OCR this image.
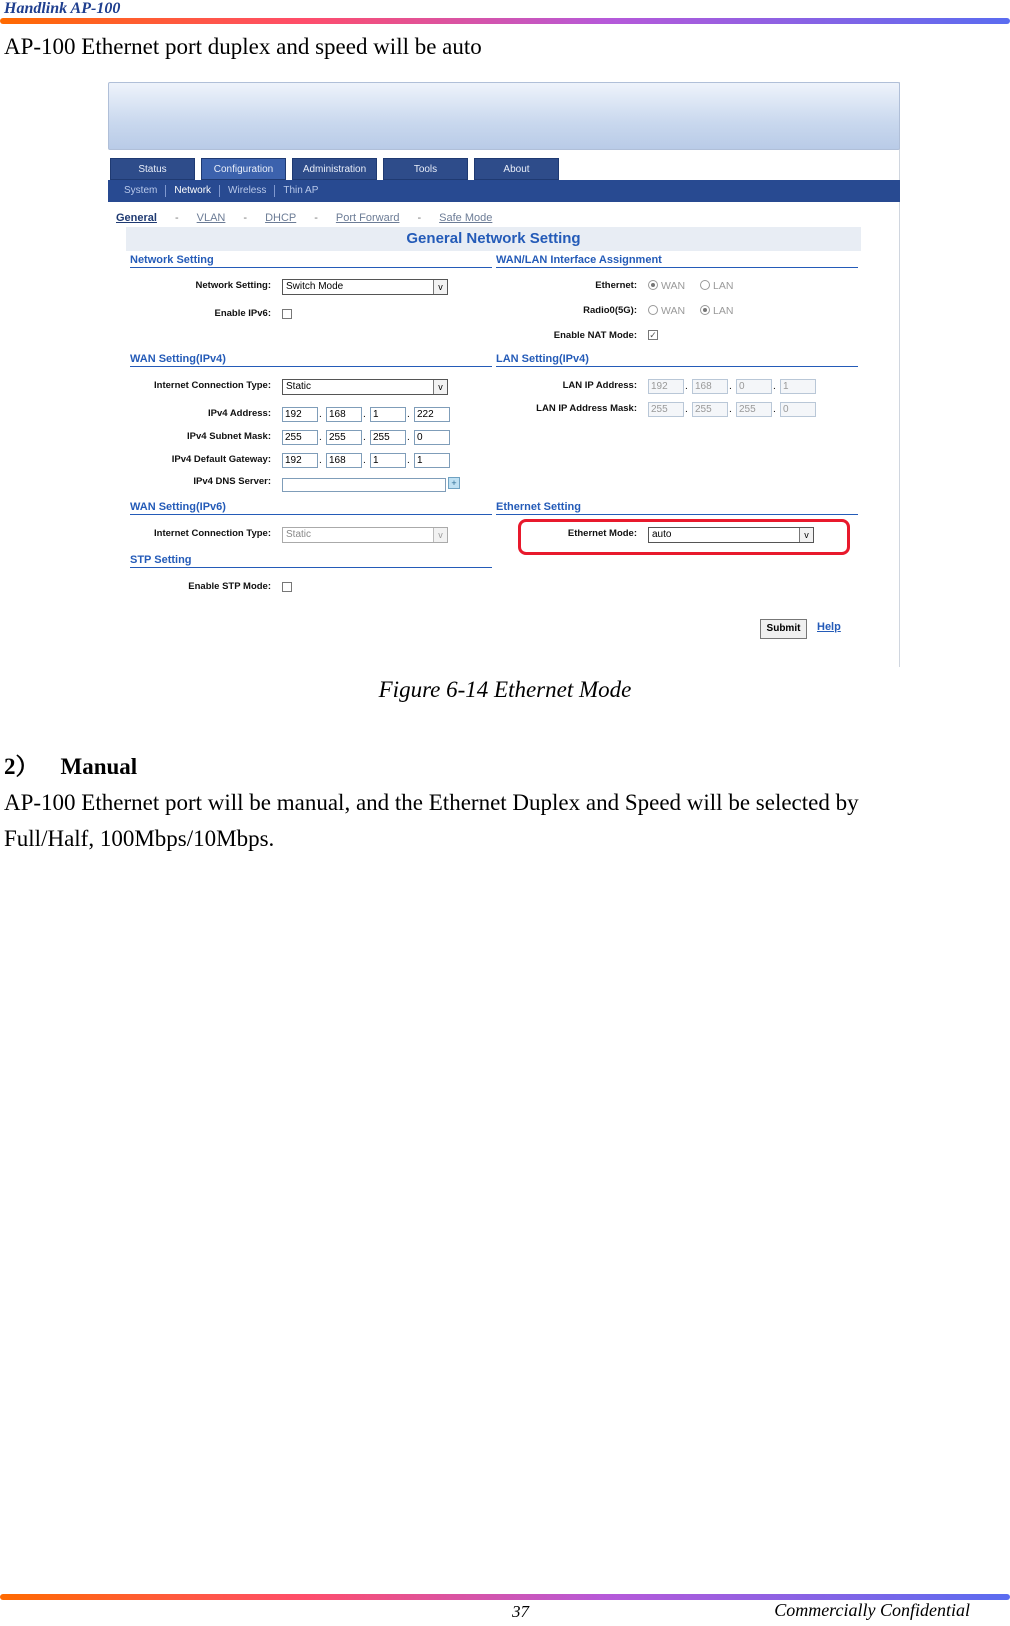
Handlink AP-100
AP-100 Ethernet port duplex and speed will be auto
Status	Configuration	Administration	Tools	About
System	Network	Wireless	Thin AP
General - VLAN - DHCP - Port Forward - Safe Mode
General Network Setting
Network Setting
Network Setting:	Switch Mode	v
Enable IPv6:
WAN/LAN Interface Assignment
Ethernet:	WAN	LAN
Radio0(5G):	WAN	LAN
Enable NAT Mode: ✓
WAN Setting(IPv4)
Internet Connection Type:	Static	v
IPv4 Address:	192	. 168	. 1	. 222
IPv4 Subnet Mask:	255	. 255	. 255	. 0
IPv4 Default Gateway:	192	. 168	. 1	. 1
IPv4 DNS Server:	+
LAN Setting(IPv4)
LAN IP Address:	192	. 168	. 0	. 1
LAN IP Address Mask:	255	. 255	. 255	. 0
WAN Setting(IPv6)
Internet Connection Type:	Static	v
Ethernet Setting
Ethernet Mode:	auto	v
STP Setting
Enable STP Mode:
Submit	Help
Figure 6-14 Ethernet Mode
2） Manual
AP-100 Ethernet port will be manual, and the Ethernet Duplex and Speed will be selected by
Full/Half, 100Mbps/10Mbps.
37	Commercially Confidential
